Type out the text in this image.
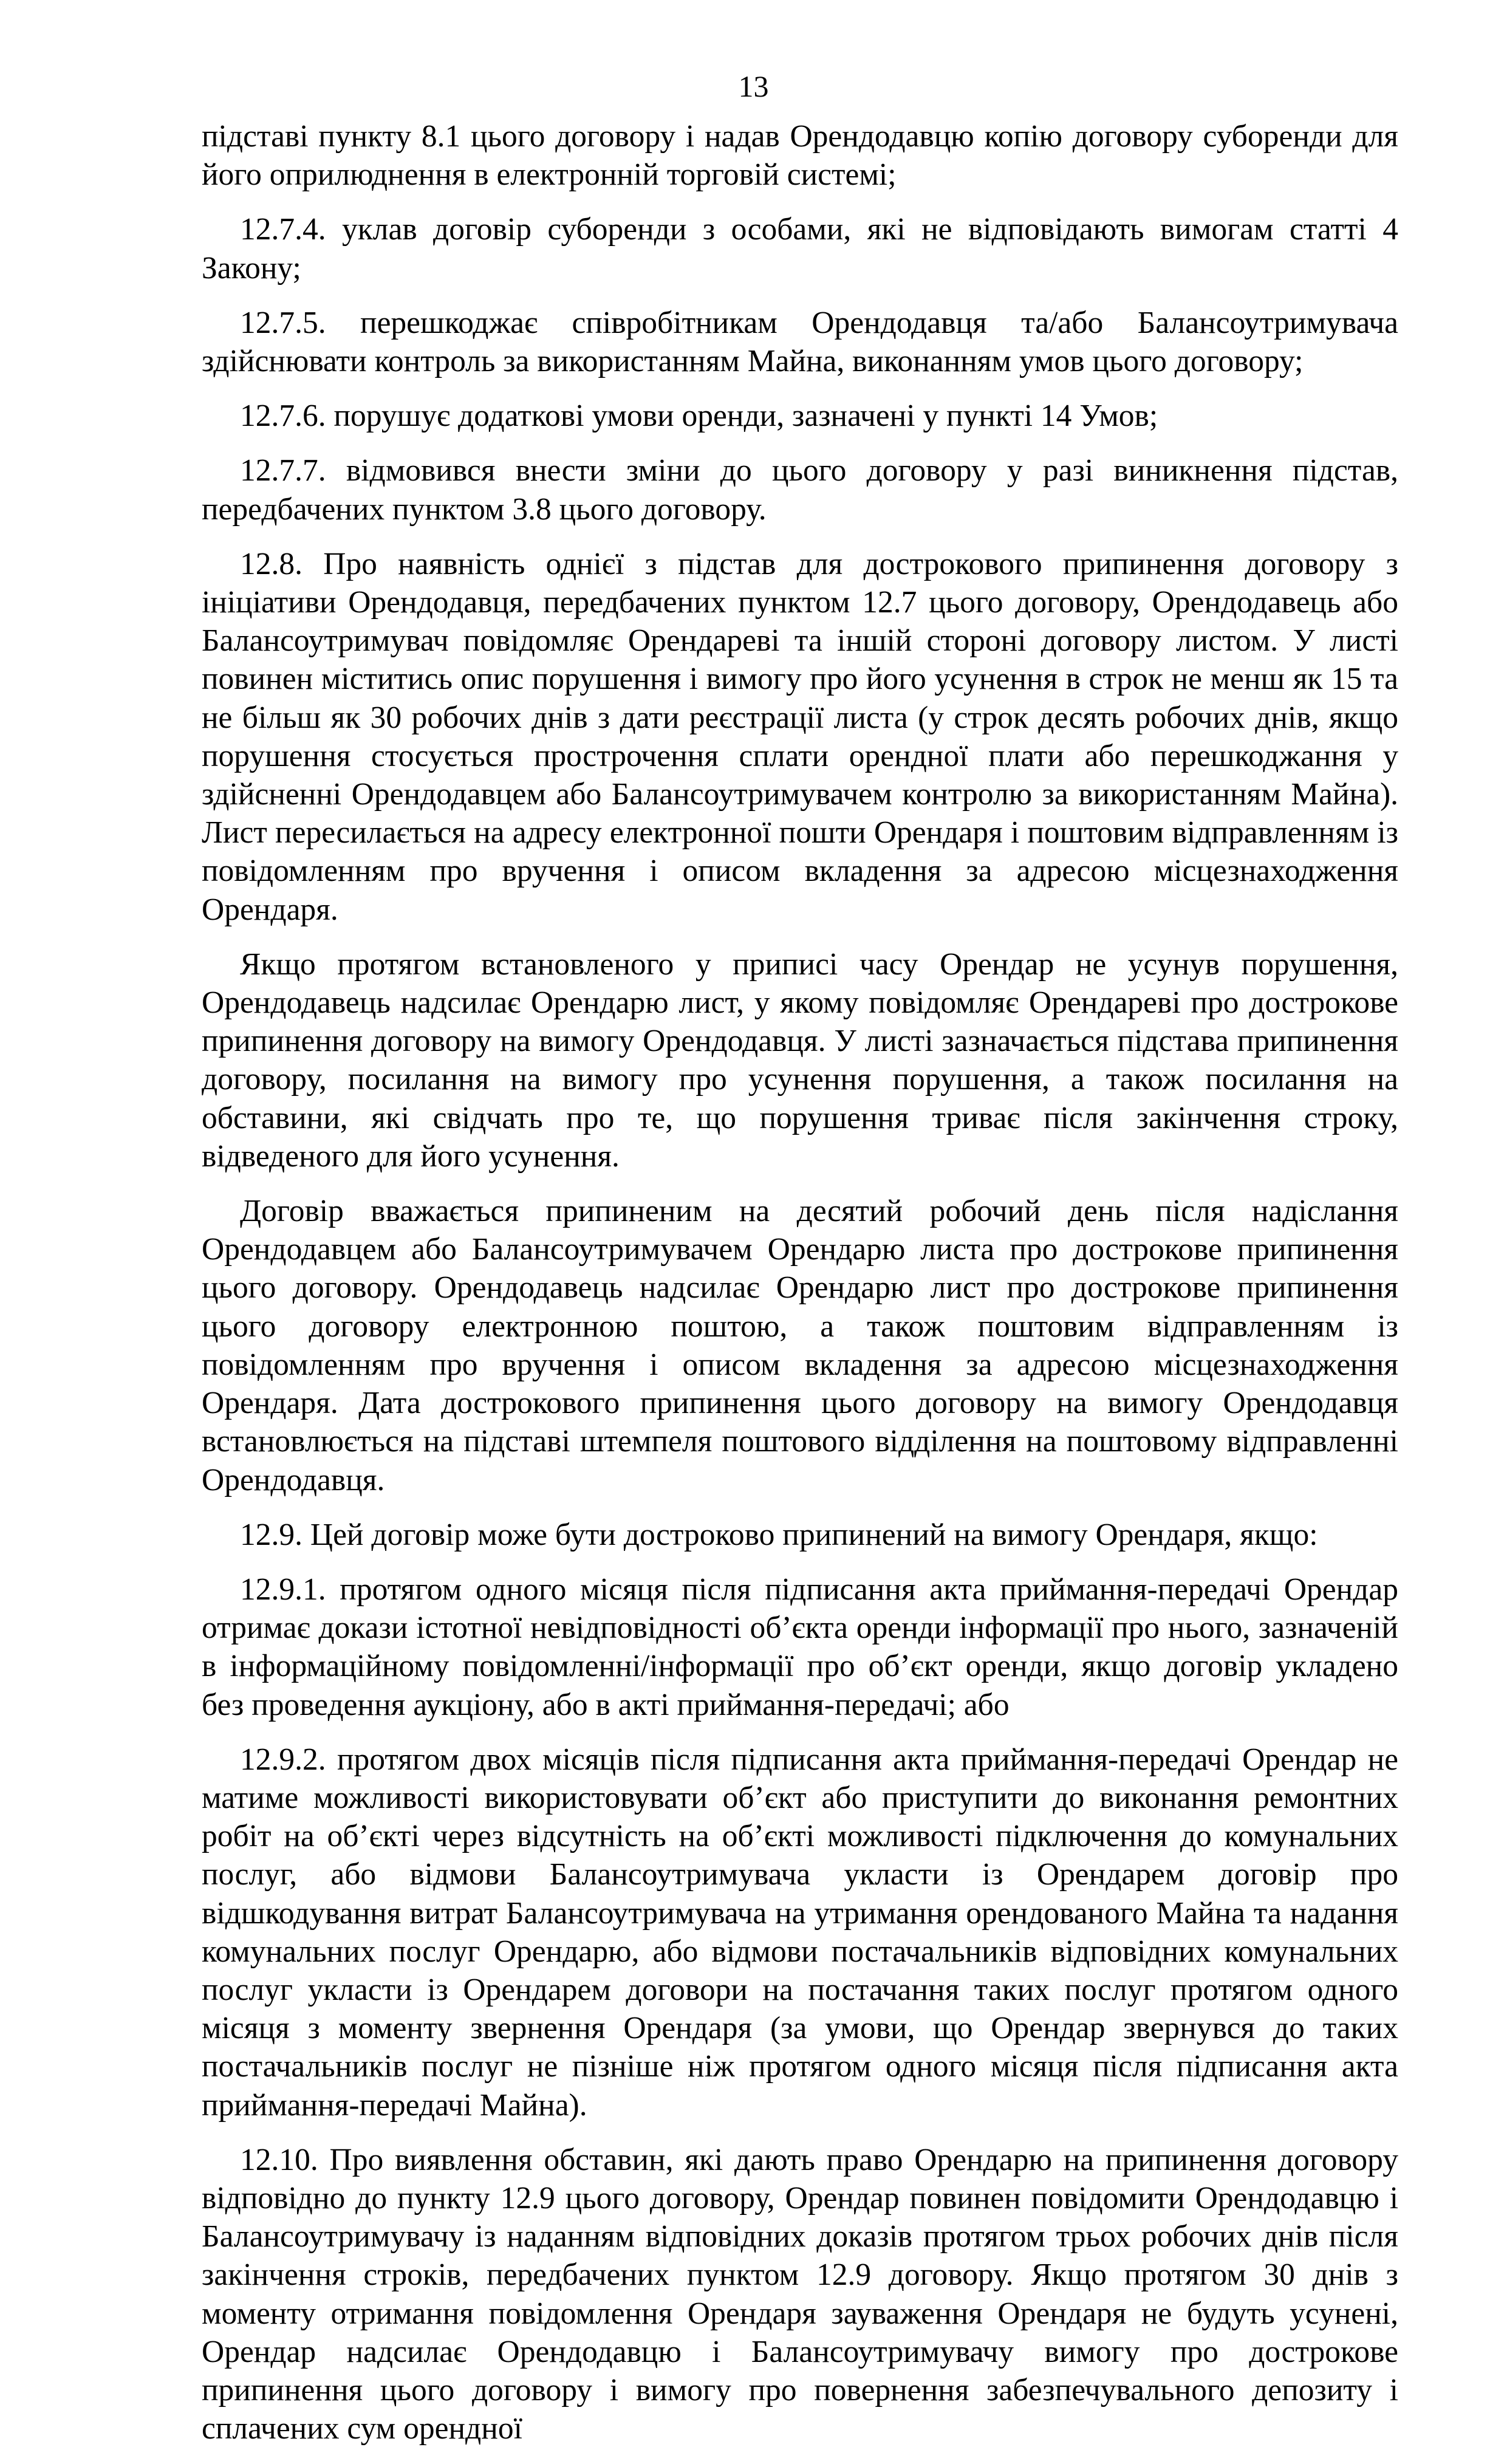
13

підставі пункту 8.1 цього договору і надав Орендодавцю копію договору суборенди для його оприлюднення в електронній торговій системі;

12.7.4. уклав договір суборенди з особами, які не відповідають вимогам статті 4 Закону;

12.7.5. перешкоджає співробітникам Орендодавця та/або Балансоутримувача здійснювати контроль за використанням Майна, виконанням умов цього договору;

12.7.6. порушує додаткові умови оренди, зазначені у пункті 14 Умов;

12.7.7. відмовився внести зміни до цього договору у разі виникнення підстав, передбачених пунктом 3.8 цього договору.

12.8. Про наявність однієї з підстав для дострокового припинення договору з ініціативи Орендодавця, передбачених пунктом 12.7 цього договору, Орендодавець або Балансоутримувач повідомляє Орендареві та іншій стороні договору листом. У листі повинен міститись опис порушення і вимогу про його усунення в строк не менш як 15 та не більш як 30 робочих днів з дати реєстрації листа (у строк десять робочих днів, якщо порушення стосується прострочення сплати орендної плати або перешкоджання у здійсненні Орендодавцем або Балансоутримувачем контролю за використанням Майна). Лист пересилається на адресу електронної пошти Орендаря і поштовим відправленням із повідомленням про вручення і описом вкладення за адресою місцезнаходження Орендаря.

Якщо протягом встановленого у приписі часу Орендар не усунув порушення, Орендодавець надсилає Орендарю лист, у якому повідомляє Орендареві про дострокове припинення договору на вимогу Орендодавця. У листі зазначається підстава припинення договору, посилання на вимогу про усунення порушення, а також посилання на обставини, які свідчать про те, що порушення триває після закінчення строку, відведеного для його усунення.

Договір вважається припиненим на десятий робочий день після надіслання Орендодавцем або Балансоутримувачем Орендарю листа про дострокове припинення цього договору. Орендодавець надсилає Орендарю лист про дострокове припинення цього договору електронною поштою, а також поштовим відправленням із повідомленням про вручення і описом вкладення за адресою місцезнаходження Орендаря. Дата дострокового припинення цього договору на вимогу Орендодавця встановлюється на підставі штемпеля поштового відділення на поштовому відправленні Орендодавця.

12.9. Цей договір може бути достроково припинений на вимогу Орендаря, якщо:

12.9.1. протягом одного місяця після підписання акта приймання-передачі Орендар отримає докази істотної невідповідності об’єкта оренди інформації про нього, зазначеній в інформаційному повідомленні/інформації про об’єкт оренди, якщо договір укладено без проведення аукціону, або в акті приймання-передачі; або

12.9.2. протягом двох місяців після підписання акта приймання-передачі Орендар не матиме можливості використовувати об’єкт або приступити до виконання ремонтних робіт на об’єкті через відсутність на об’єкті можливості підключення до комунальних послуг, або відмови Балансоутримувача укласти із Орендарем договір про відшкодування витрат Балансоутримувача на утримання орендованого Майна та надання комунальних послуг Орендарю, або відмови постачальників відповідних комунальних послуг укласти із Орендарем договори на постачання таких послуг протягом одного місяця з моменту звернення Орендаря (за умови, що Орендар звернувся до таких постачальників послуг не пізніше ніж протягом одного місяця після підписання акта приймання-передачі Майна).

12.10. Про виявлення обставин, які дають право Орендарю на припинення договору відповідно до пункту 12.9 цього договору, Орендар повинен повідомити Орендодавцю і Балансоутримувачу із наданням відповідних доказів протягом трьох робочих днів після закінчення строків, передбачених пунктом 12.9 договору. Якщо протягом 30 днів з моменту отримання повідомлення Орендаря зауваження Орендаря не будуть усунені, Орендар надсилає Орендодавцю і Балансоутримувачу вимогу про дострокове припинення цього договору і вимогу про повернення забезпечувального депозиту і сплачених сум орендної
